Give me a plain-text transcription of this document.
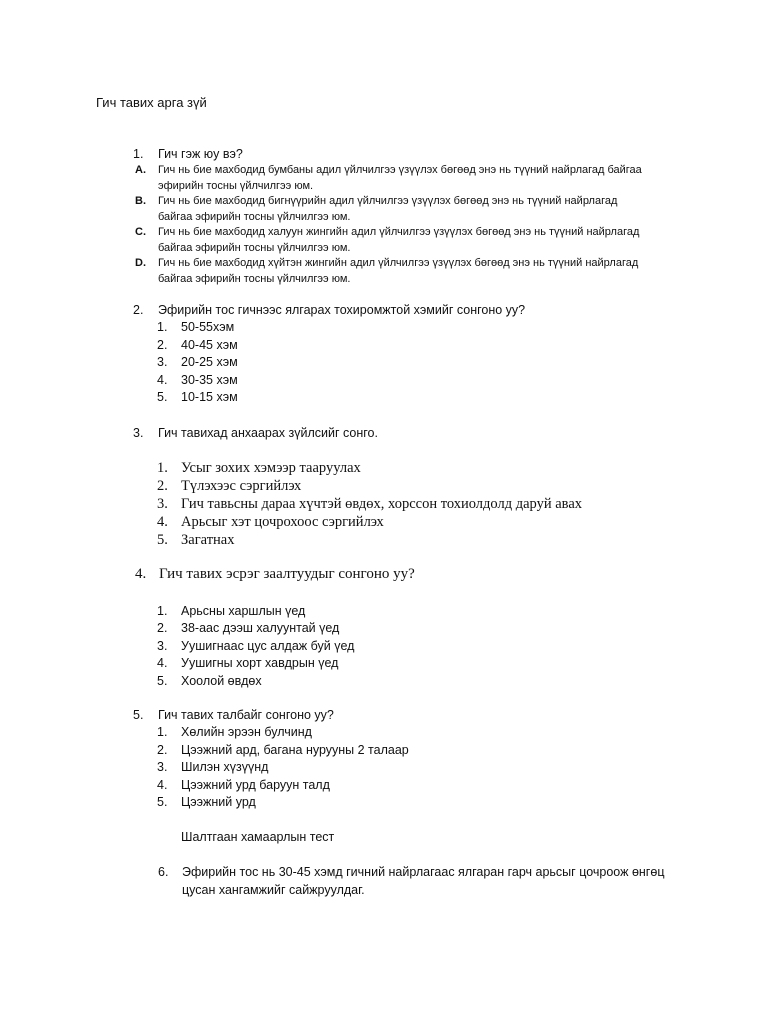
Гич тавих арга зүй
1.	Гич гэж юу вэ?
A. Гич нь бие махбодид бумбаны адил үйлчилгээ үзүүлэх бөгөөд энэ нь түүний найрлагад байгаа
эфирийн тосны үйлчилгээ юм.
B. Гич нь бие махбодид бигнүүрийн адил үйлчилгээ үзүүлэх бөгөөд энэ нь түүний найрлагад
байгаа эфирийн тосны үйлчилгээ юм.
C. Гич нь бие махбодид халуун жингийн адил үйлчилгээ үзүүлэх бөгөөд энэ нь түүний найрлагад
байгаа эфирийн тосны үйлчилгээ юм.
D. Гич нь бие махбодид хүйтэн жингийн адил үйлчилгээ үзүүлэх бөгөөд энэ нь түүний найрлагад
байгаа эфирийн тосны үйлчилгээ юм.
2.	Эфирийн тос гичнээс ялгарах тохиромжтой хэмийг сонгоно уу?
1. 50-55хэм
2. 40-45 хэм
3. 20-25 хэм
4. 30-35 хэм
5. 10-15 хэм
3.	Гич тавихад анхаарах зүйлсийг сонго.
1. Усыг зохих хэмээр тааруулах
2. Түлэхээс сэргийлэх
3. Гич тавьсны дараа хүчтэй өвдөх, хорссон тохиолдолд даруй авах
4. Арьсыг хэт цочрохоос сэргийлэх
5. Загатнах
4. Гич тавих эсрэг заалтуудыг сонгоно уу?
1. Арьсны харшлын үед
2. 38-аас дээш халуунтай үед
3. Уушигнаас цус алдаж буй үед
4. Уушигны хорт хавдрын үед
5. Хоолой өвдөх
5.	Гич тавих талбайг сонгоно уу?
1. Хөлийн эрээн булчинд
2. Цээжний ард, багана нурууны 2 талаар
3. Шилэн хүзүүнд
4. Цээжний урд баруун талд
5. Цээжний урд
Шалтгаан хамаарлын тест
6.	Эфирийн тос нь 30-45 хэмд гичний найрлагаас ялгаран гарч арьсыг цочроож өнгөц
цусан хангамжийг сайжруулдаг.
